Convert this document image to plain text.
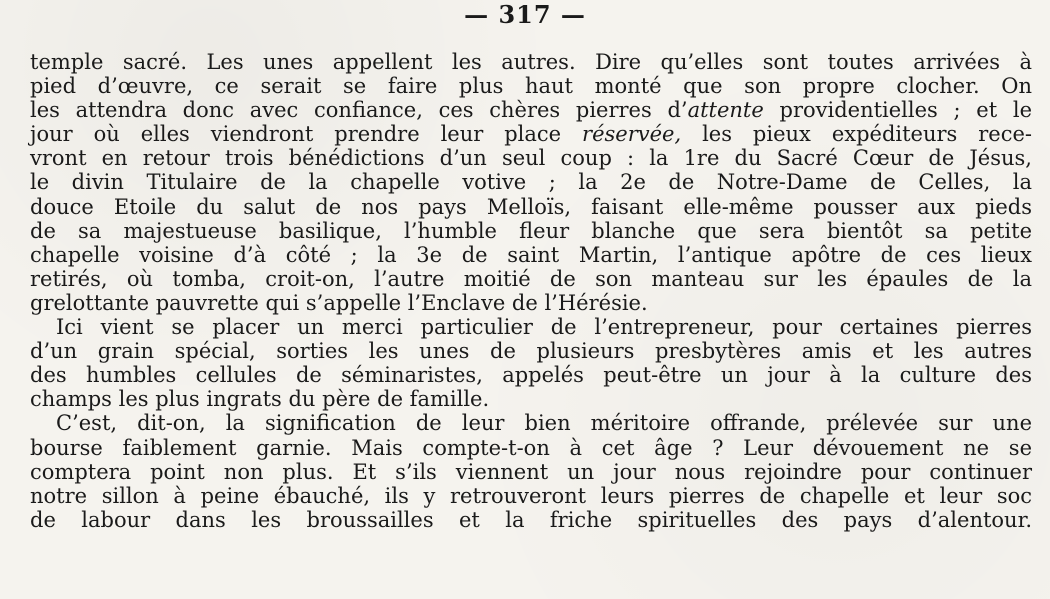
— 317 —
temple sacré. Les unes appellent les autres. Dire qu’elles sont toutes arrivées à
pied d’œuvre, ce serait se faire plus haut monté que son propre clocher. On
les attendra donc avec confiance, ces chères pierres d’attente providentielles ; et le
jour où elles viendront prendre leur place réservée, les pieux expéditeurs rece-
vront en retour trois bénédictions d’un seul coup : la 1re du Sacré Cœur de Jésus,
le divin Titulaire de la chapelle votive ; la 2e de Notre-Dame de Celles, la
douce Etoile du salut de nos pays Melloïs, faisant elle-même pousser aux pieds
de sa majestueuse basilique, l’humble fleur blanche que sera bientôt sa petite
chapelle voisine d’à côté ; la 3e de saint Martin, l’antique apôtre de ces lieux
retirés, où tomba, croit-on, l’autre moitié de son manteau sur les épaules de la
grelottante pauvrette qui s’appelle l’Enclave de l’Hérésie.
Ici vient se placer un merci particulier de l’entrepreneur, pour certaines pierres
d’un grain spécial, sorties les unes de plusieurs presbytères amis et les autres
des humbles cellules de séminaristes, appelés peut-être un jour à la culture des
champs les plus ingrats du père de famille.
C’est, dit-on, la signification de leur bien méritoire offrande, prélevée sur une
bourse faiblement garnie. Mais compte-t-on à cet âge ? Leur dévouement ne se
comptera point non plus. Et s’ils viennent un jour nous rejoindre pour continuer
notre sillon à peine ébauché, ils y retrouveront leurs pierres de chapelle et leur soc
de labour dans les broussailles et la friche spirituelles des pays d’alentour.
